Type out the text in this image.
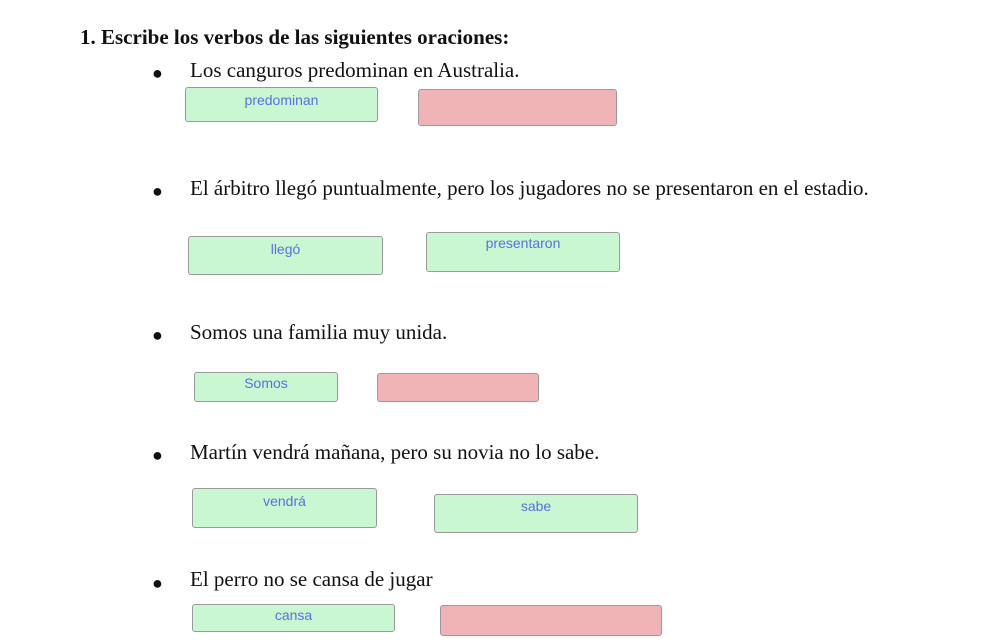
1. Escribe los verbos de las siguientes oraciones:
● Los canguros predominan en Australia.
predominan
● El árbitro llegó puntualmente, pero los jugadores no se presentaron en el estadio.
llegó	presentaron
● Somos una familia muy unida.
Somos
● Martín vendrá mañana, pero su novia no lo sabe.
vendrá	sabe
● El perro no se cansa de jugar
cansa
